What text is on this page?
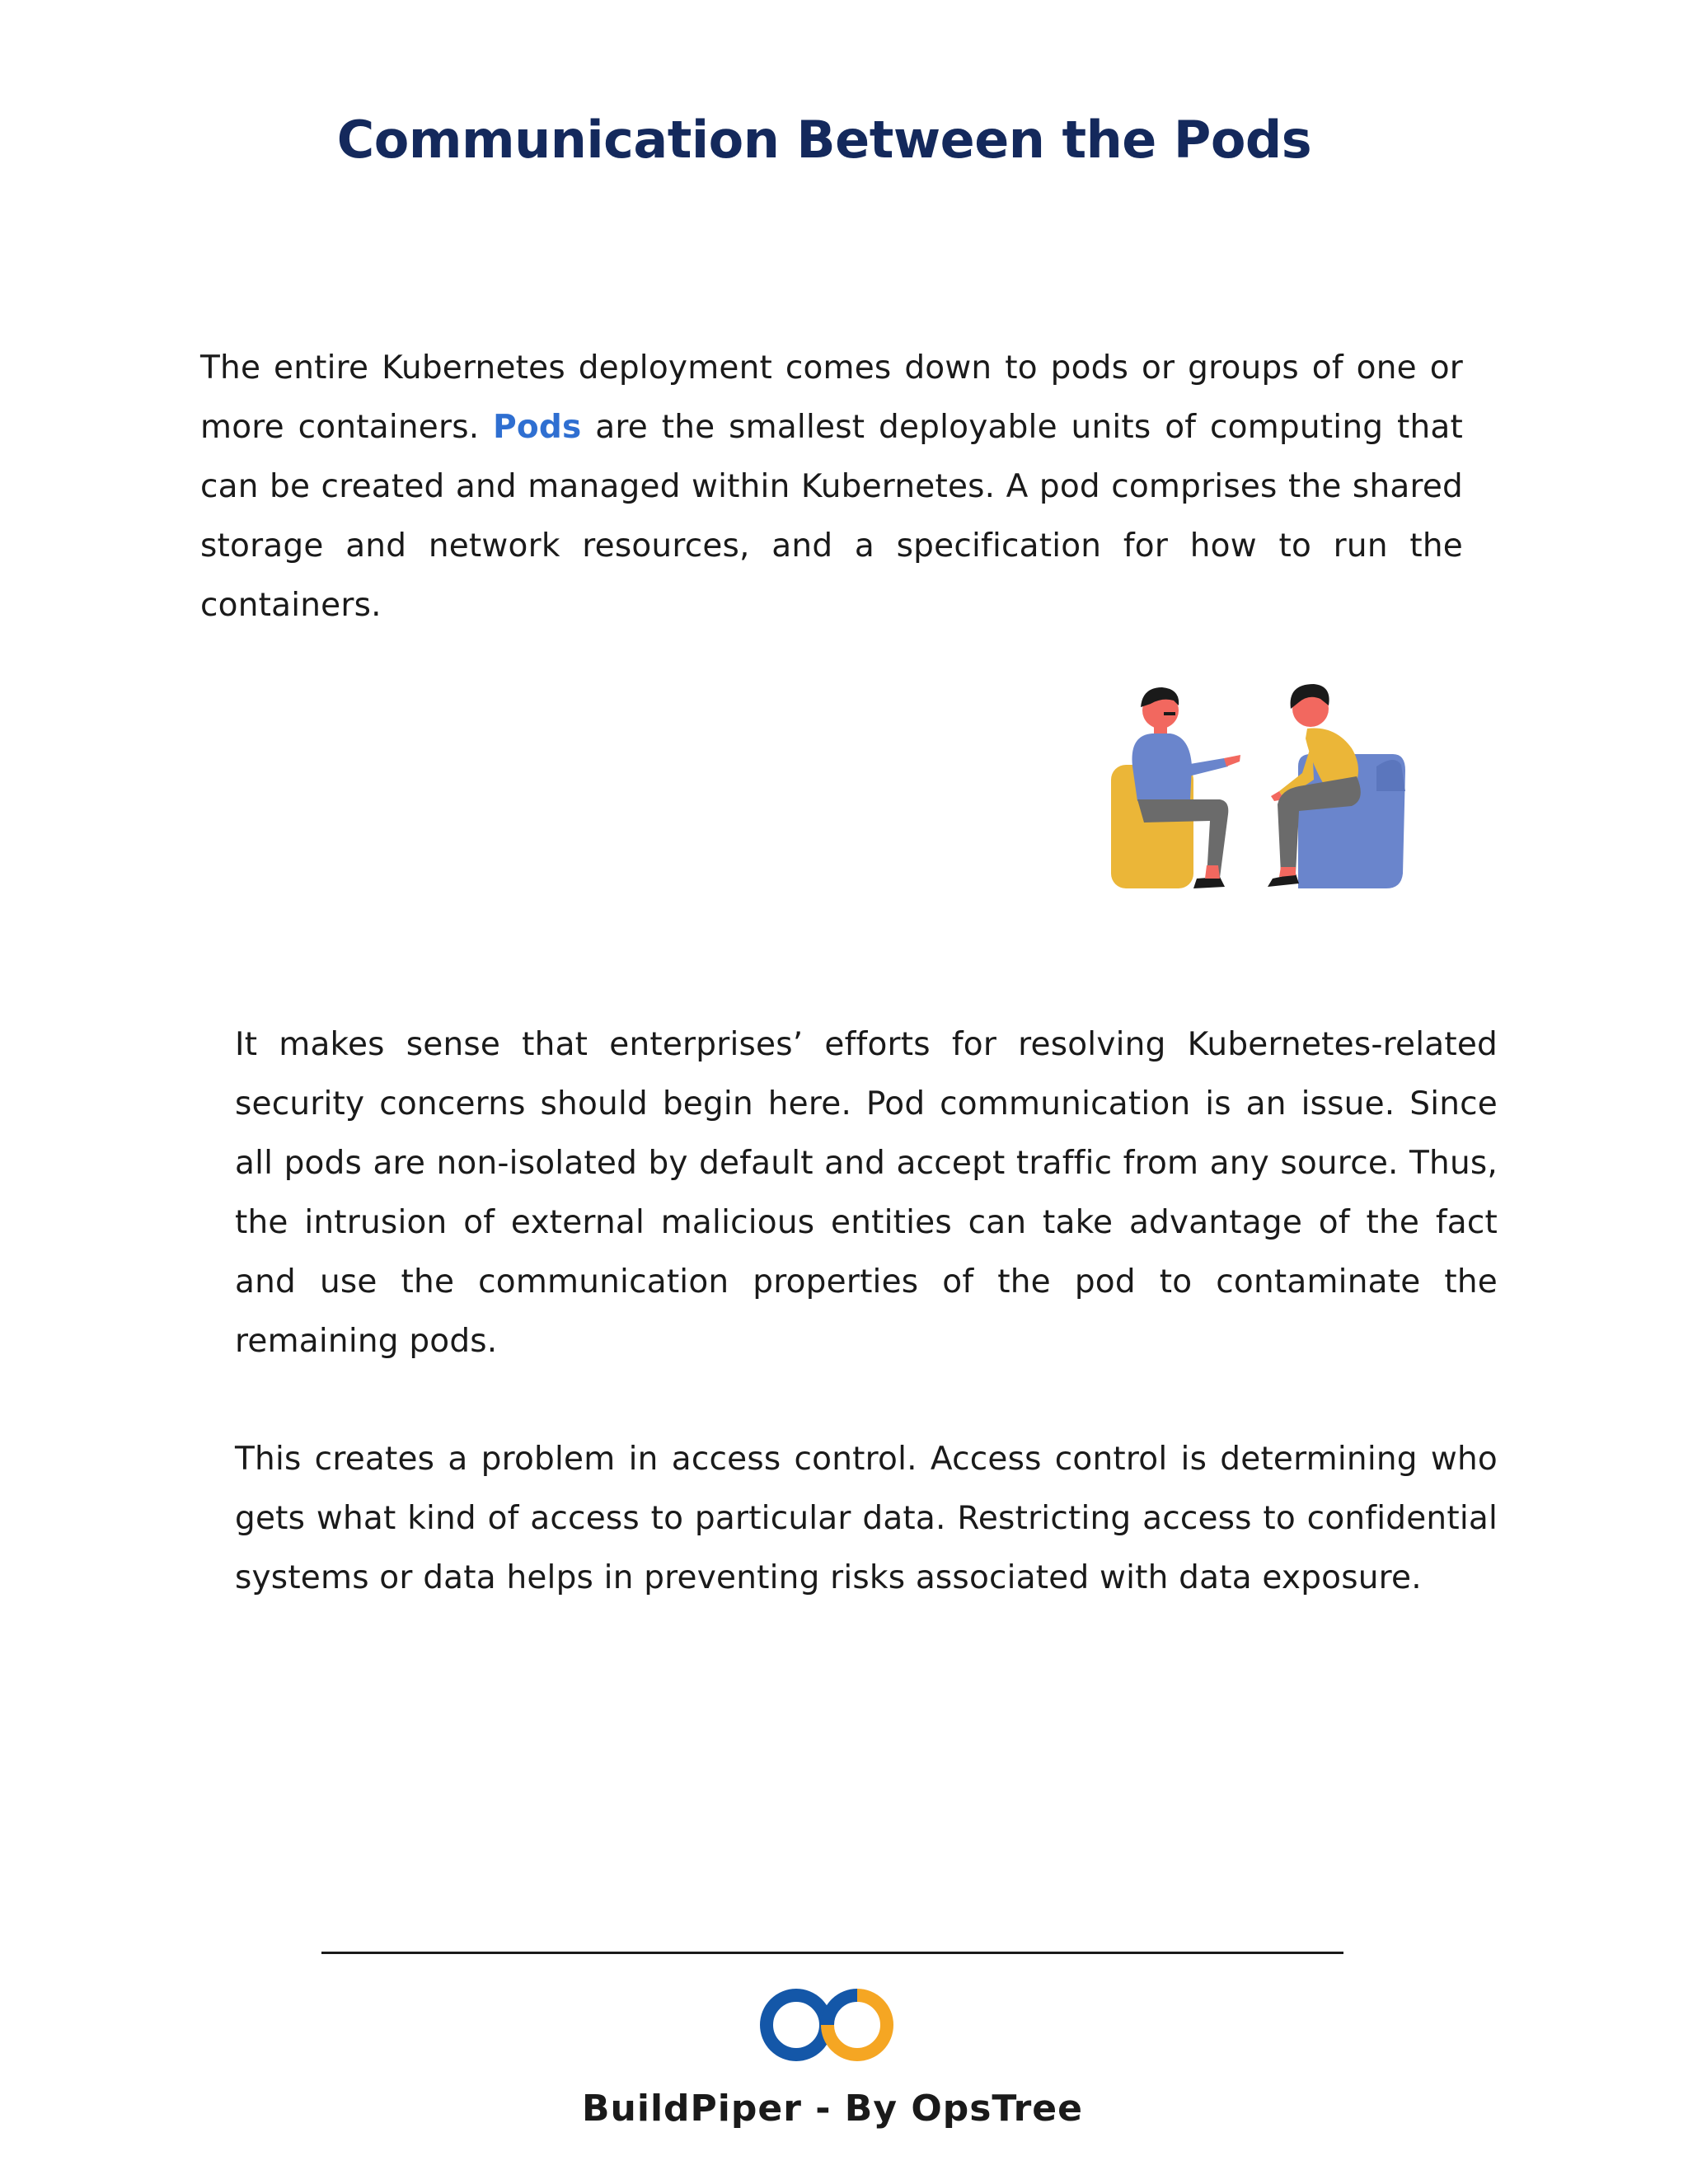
Communication Between the Pods

The entire Kubernetes deployment comes down to pods or groups of one or more containers. Pods are the smallest deployable units of computing that can be created and managed within Kubernetes. A pod comprises the shared storage and network resources, and a specification for how to run the containers.

It makes sense that enterprises’ efforts for resolving Kubernetes-related security concerns should begin here. Pod communication is an issue. Since all pods are non-isolated by default and accept traffic from any source. Thus, the intrusion of external malicious entities can take advantage of the fact and use the communication properties of the pod to contaminate the remaining pods.

This creates a problem in access control. Access control is determining who gets what kind of access to particular data. Restricting access to confidential systems or data helps in preventing risks associated with data exposure.

BuildPiper - By OpsTree
